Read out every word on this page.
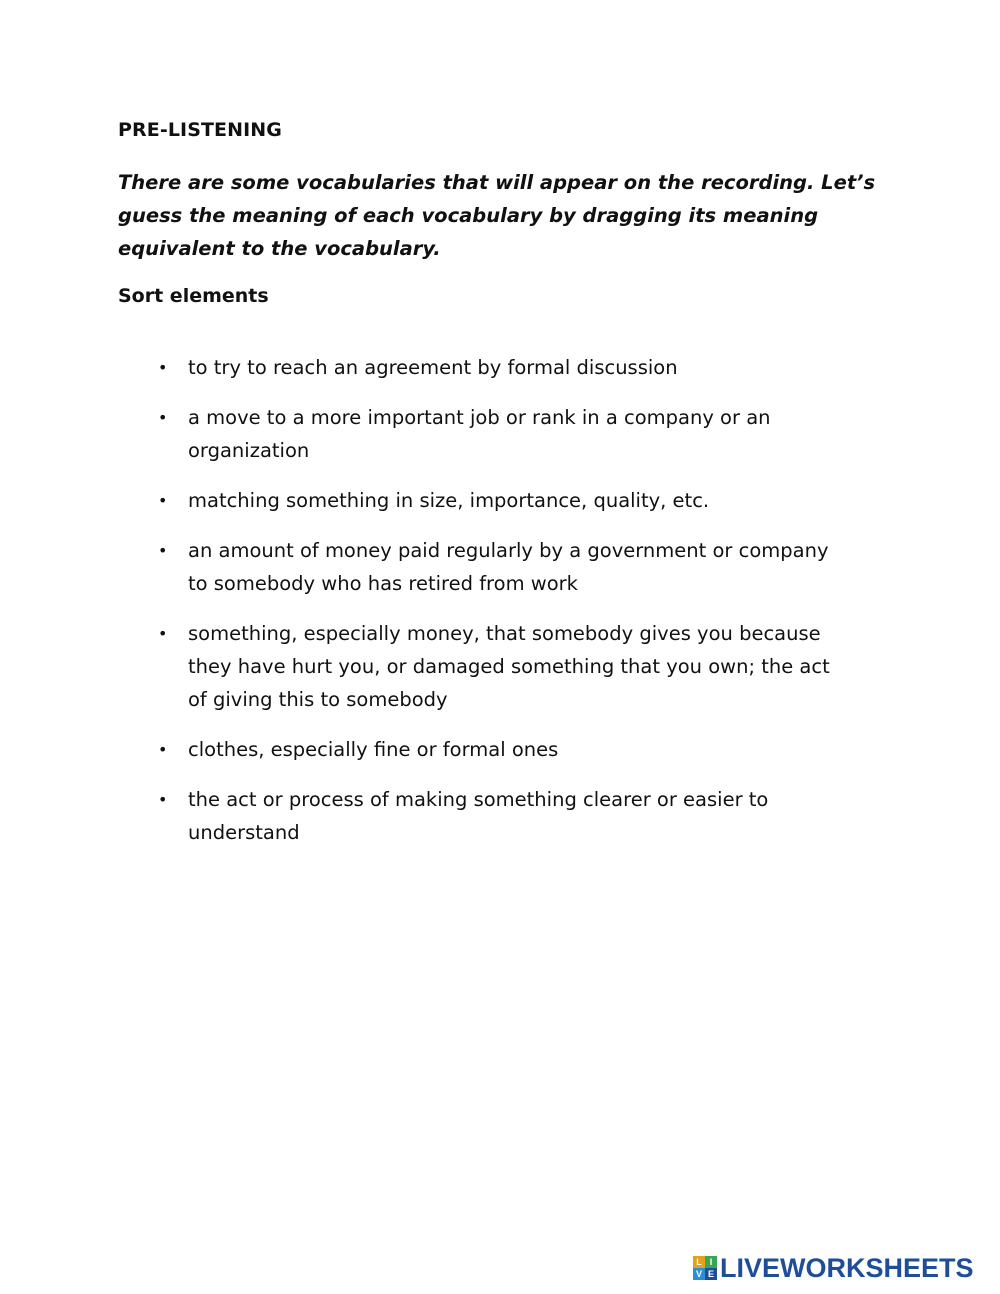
PRE-LISTENING

There are some vocabularies that will appear on the recording. Let’s guess the meaning of each vocabulary by dragging its meaning equivalent to the vocabulary.

Sort elements
• to try to reach an agreement by formal discussion
• a move to a more important job or rank in a company or an organization
• matching something in size, importance, quality, etc.
• an amount of money paid regularly by a government or company to somebody who has retired from work
• something, especially money, that somebody gives you because they have hurt you, or damaged something that you own; the act of giving this to somebody
• clothes, especially fine or formal ones
• the act or process of making something clearer or easier to understand
L I
V E LIVEWORKSHEETS
